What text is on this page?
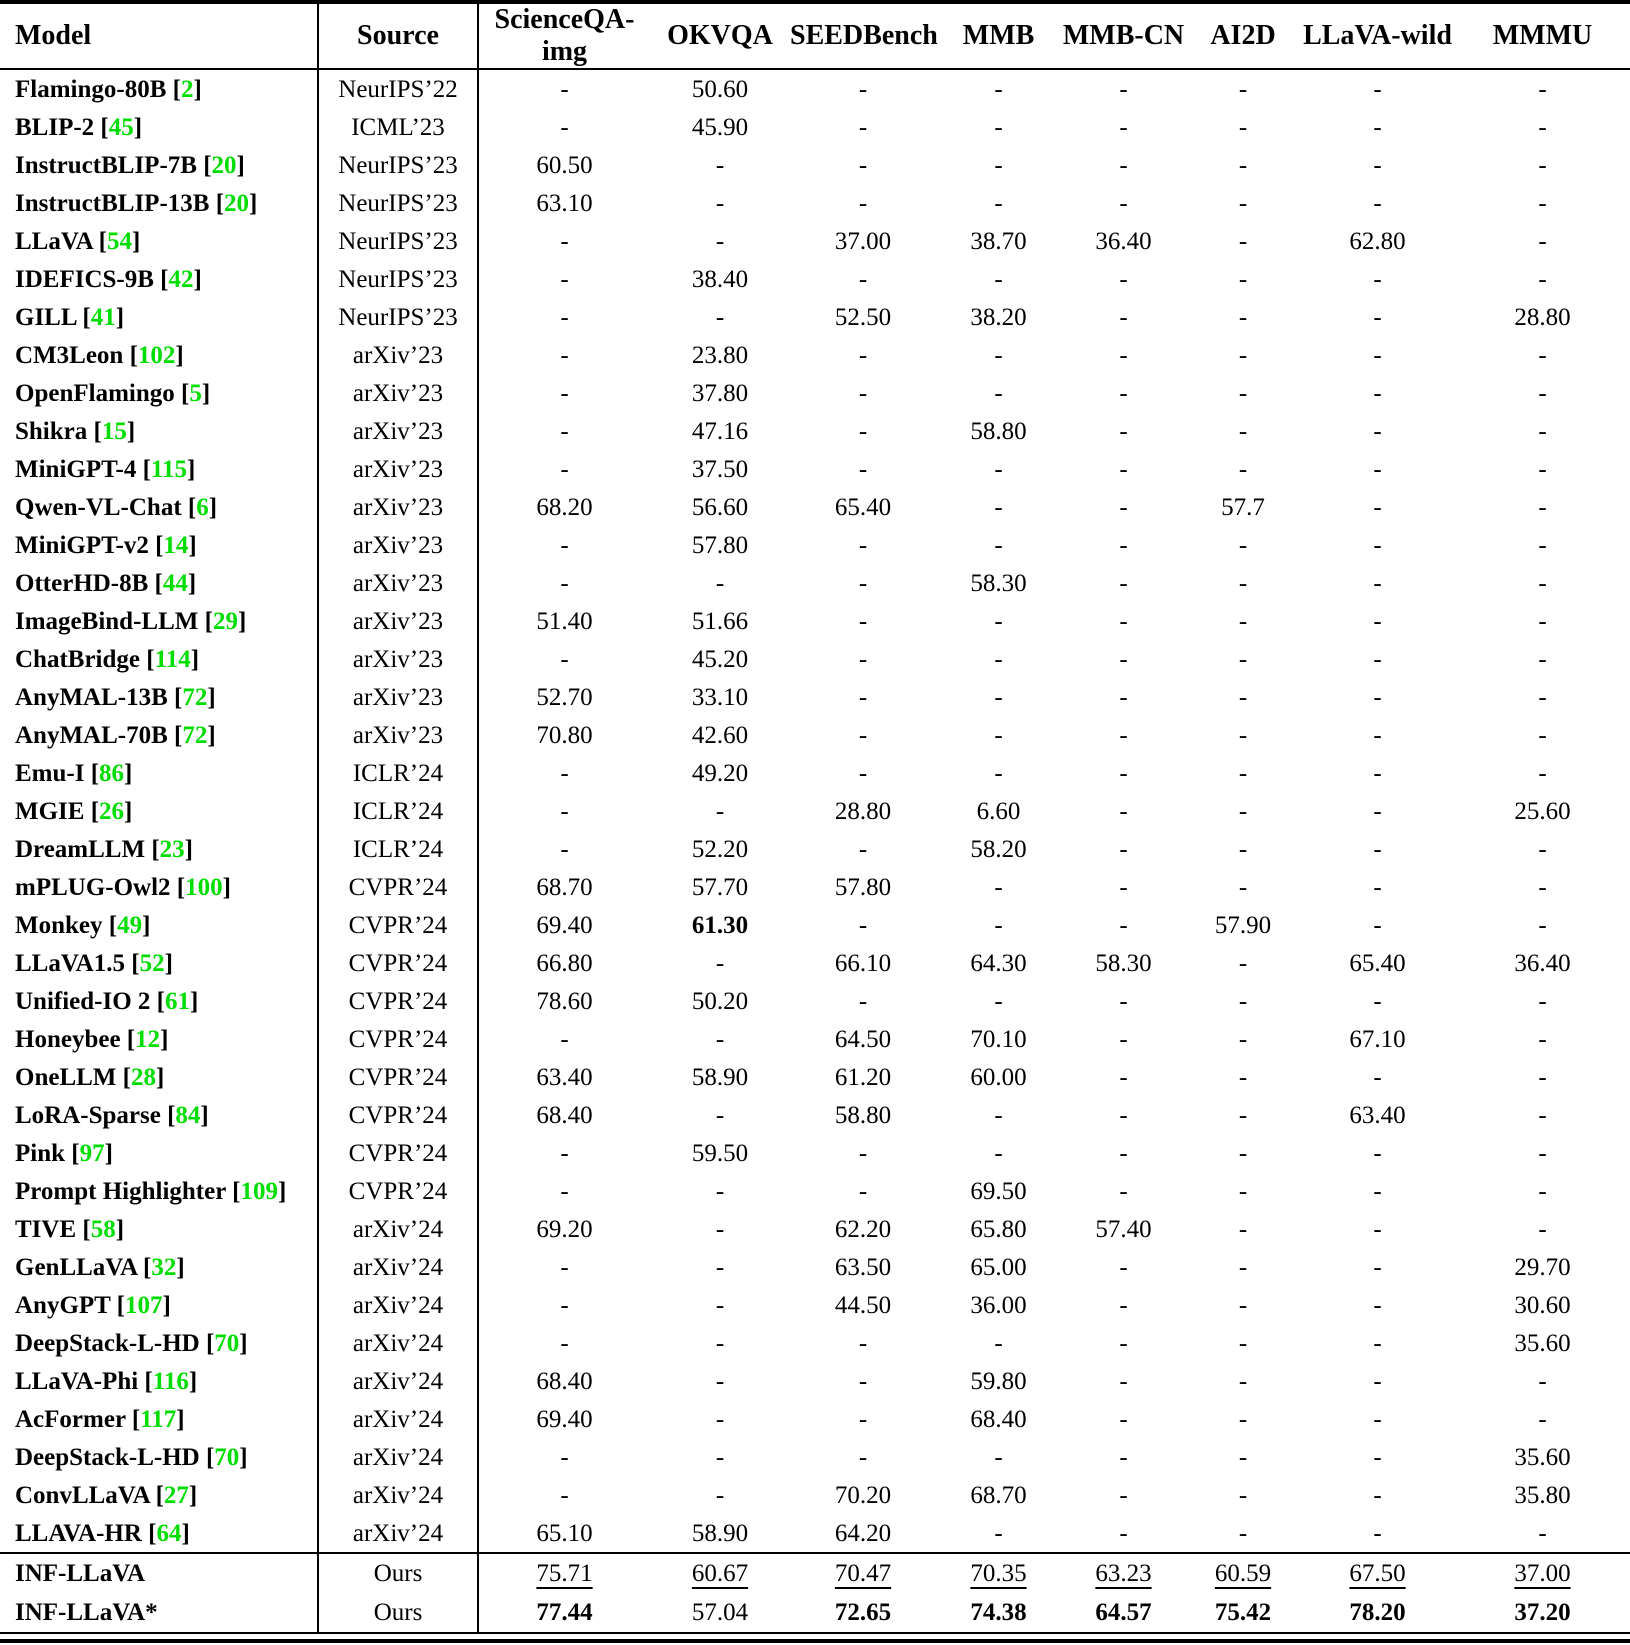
Model	Source	ScienceQA-img	OKVQA	SEEDBench	MMB	MMB-CN	AI2D	LLaVA-wild	MMMU
Flamingo-80B [2]	NeurIPS’22	-	50.60	-	-	-	-	-	-
BLIP-2 [45]	ICML’23	-	45.90	-	-	-	-	-	-
InstructBLIP-7B [20]	NeurIPS’23	60.50	-	-	-	-	-	-	-
InstructBLIP-13B [20]	NeurIPS’23	63.10	-	-	-	-	-	-	-
LLaVA [54]	NeurIPS’23	-	-	37.00	38.70	36.40	-	62.80	-
IDEFICS-9B [42]	NeurIPS’23	-	38.40	-	-	-	-	-	-
GILL [41]	NeurIPS’23	-	-	52.50	38.20	-	-	-	28.80
CM3Leon [102]	arXiv’23	-	23.80	-	-	-	-	-	-
OpenFlamingo [5]	arXiv’23	-	37.80	-	-	-	-	-	-
Shikra [15]	arXiv’23	-	47.16	-	58.80	-	-	-	-
MiniGPT-4 [115]	arXiv’23	-	37.50	-	-	-	-	-	-
Qwen-VL-Chat [6]	arXiv’23	68.20	56.60	65.40	-	-	57.7	-	-
MiniGPT-v2 [14]	arXiv’23	-	57.80	-	-	-	-	-	-
OtterHD-8B [44]	arXiv’23	-	-	-	58.30	-	-	-	-
ImageBind-LLM [29]	arXiv’23	51.40	51.66	-	-	-	-	-	-
ChatBridge [114]	arXiv’23	-	45.20	-	-	-	-	-	-
AnyMAL-13B [72]	arXiv’23	52.70	33.10	-	-	-	-	-	-
AnyMAL-70B [72]	arXiv’23	70.80	42.60	-	-	-	-	-	-
Emu-I [86]	ICLR’24	-	49.20	-	-	-	-	-	-
MGIE [26]	ICLR’24	-	-	28.80	6.60	-	-	-	25.60
DreamLLM [23]	ICLR’24	-	52.20	-	58.20	-	-	-	-
mPLUG-Owl2 [100]	CVPR’24	68.70	57.70	57.80	-	-	-	-	-
Monkey [49]	CVPR’24	69.40	61.30	-	-	-	57.90	-	-
LLaVA1.5 [52]	CVPR’24	66.80	-	66.10	64.30	58.30	-	65.40	36.40
Unified-IO 2 [61]	CVPR’24	78.60	50.20	-	-	-	-	-	-
Honeybee [12]	CVPR’24	-	-	64.50	70.10	-	-	67.10	-
OneLLM [28]	CVPR’24	63.40	58.90	61.20	60.00	-	-	-	-
LoRA-Sparse [84]	CVPR’24	68.40	-	58.80	-	-	-	63.40	-
Pink [97]	CVPR’24	-	59.50	-	-	-	-	-	-
Prompt Highlighter [109]	CVPR’24	-	-	-	69.50	-	-	-	-
TIVE [58]	arXiv’24	69.20	-	62.20	65.80	57.40	-	-	-
GenLLaVA [32]	arXiv’24	-	-	63.50	65.00	-	-	-	29.70
AnyGPT [107]	arXiv’24	-	-	44.50	36.00	-	-	-	30.60
DeepStack-L-HD [70]	arXiv’24	-	-	-	-	-	-	-	35.60
LLaVA-Phi [116]	arXiv’24	68.40	-	-	59.80	-	-	-	-
AcFormer [117]	arXiv’24	69.40	-	-	68.40	-	-	-	-
DeepStack-L-HD [70]	arXiv’24	-	-	-	-	-	-	-	35.60
ConvLLaVA [27]	arXiv’24	-	-	70.20	68.70	-	-	-	35.80
LLAVA-HR [64]	arXiv’24	65.10	58.90	64.20	-	-	-	-	-
INF-LLaVA	Ours	75.71	60.67	70.47	70.35	63.23	60.59	67.50	37.00
INF-LLaVA*	Ours	77.44	57.04	72.65	74.38	64.57	75.42	78.20	37.20
